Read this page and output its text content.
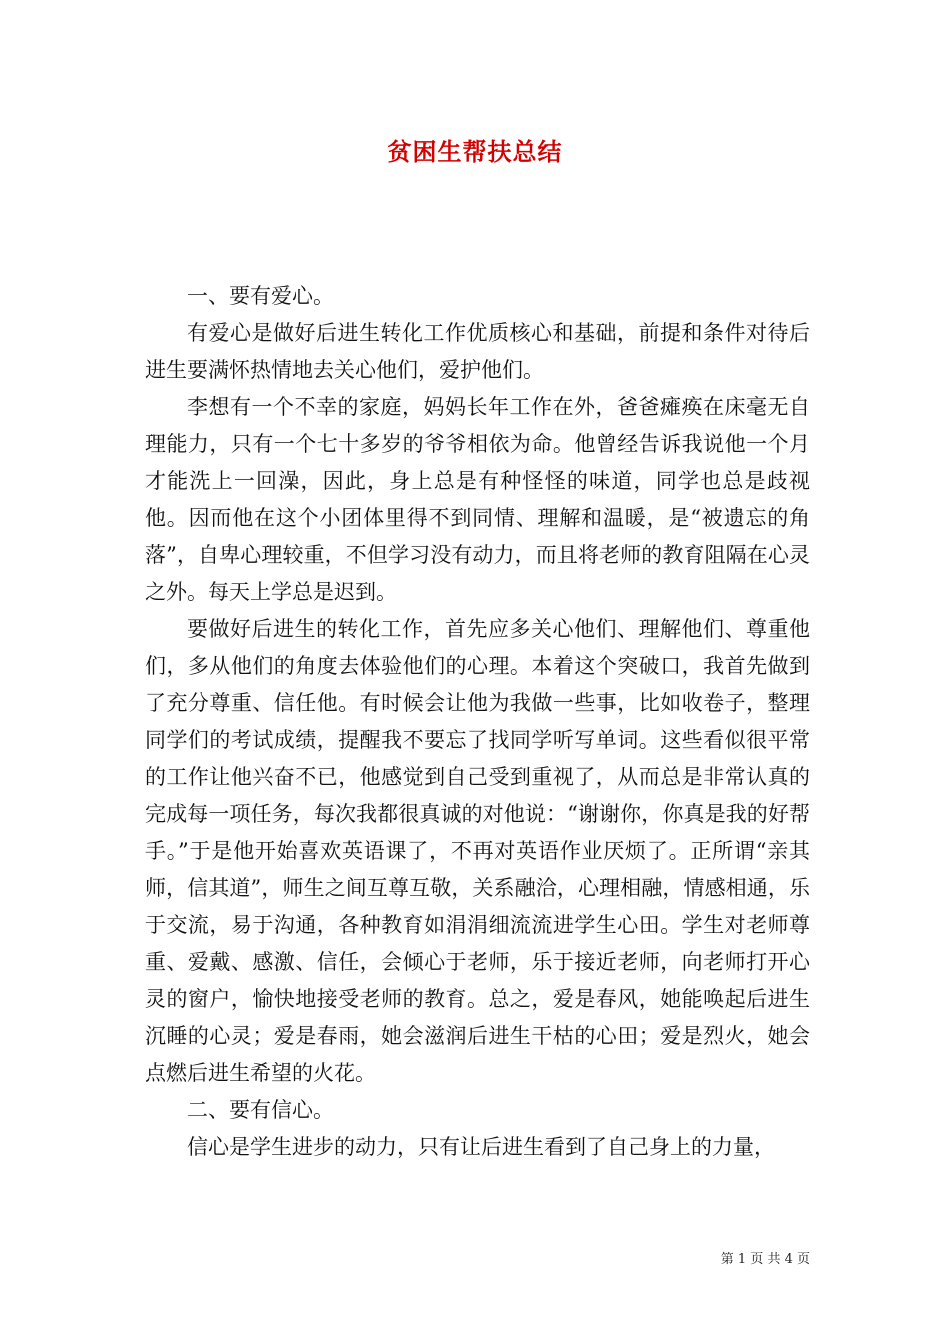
贫困生帮扶总结

一、要有爱心。

有爱心是做好后进生转化工作优质核心和基础，前提和条件对待后进生要满怀热情地去关心他们，爱护他们。

李想有一个不幸的家庭，妈妈长年工作在外，爸爸瘫痪在床毫无自理能力，只有一个七十多岁的爷爷相依为命。他曾经告诉我说他一个月才能洗上一回澡，因此，身上总是有种怪怪的味道，同学也总是歧视他。因而他在这个小团体里得不到同情、理解和温暖，是“被遗忘的角落”，自卑心理较重，不但学习没有动力，而且将老师的教育阻隔在心灵之外。每天上学总是迟到。

要做好后进生的转化工作，首先应多关心他们、理解他们、尊重他们，多从他们的角度去体验他们的心理。本着这个突破口，我首先做到了充分尊重、信任他。有时候会让他为我做一些事，比如收卷子，整理同学们的考试成绩，提醒我不要忘了找同学听写单词。这些看似很平常的工作让他兴奋不已，他感觉到自己受到重视了，从而总是非常认真的完成每一项任务，每次我都很真诚的对他说：“谢谢你，你真是我的好帮手。”于是他开始喜欢英语课了，不再对英语作业厌烦了。正所谓“亲其师，信其道”，师生之间互尊互敬，关系融洽，心理相融，情感相通，乐于交流，易于沟通，各种教育如涓涓细流流进学生心田。学生对老师尊重、爱戴、感激、信任，会倾心于老师，乐于接近老师，向老师打开心灵的窗户，愉快地接受老师的教育。总之，爱是春风，她能唤起后进生沉睡的心灵；爱是春雨，她会滋润后进生干枯的心田；爱是烈火，她会点燃后进生希望的火花。

二、要有信心。

信心是学生进步的动力，只有让后进生看到了自己身上的力量，

第 1 页 共 4 页
